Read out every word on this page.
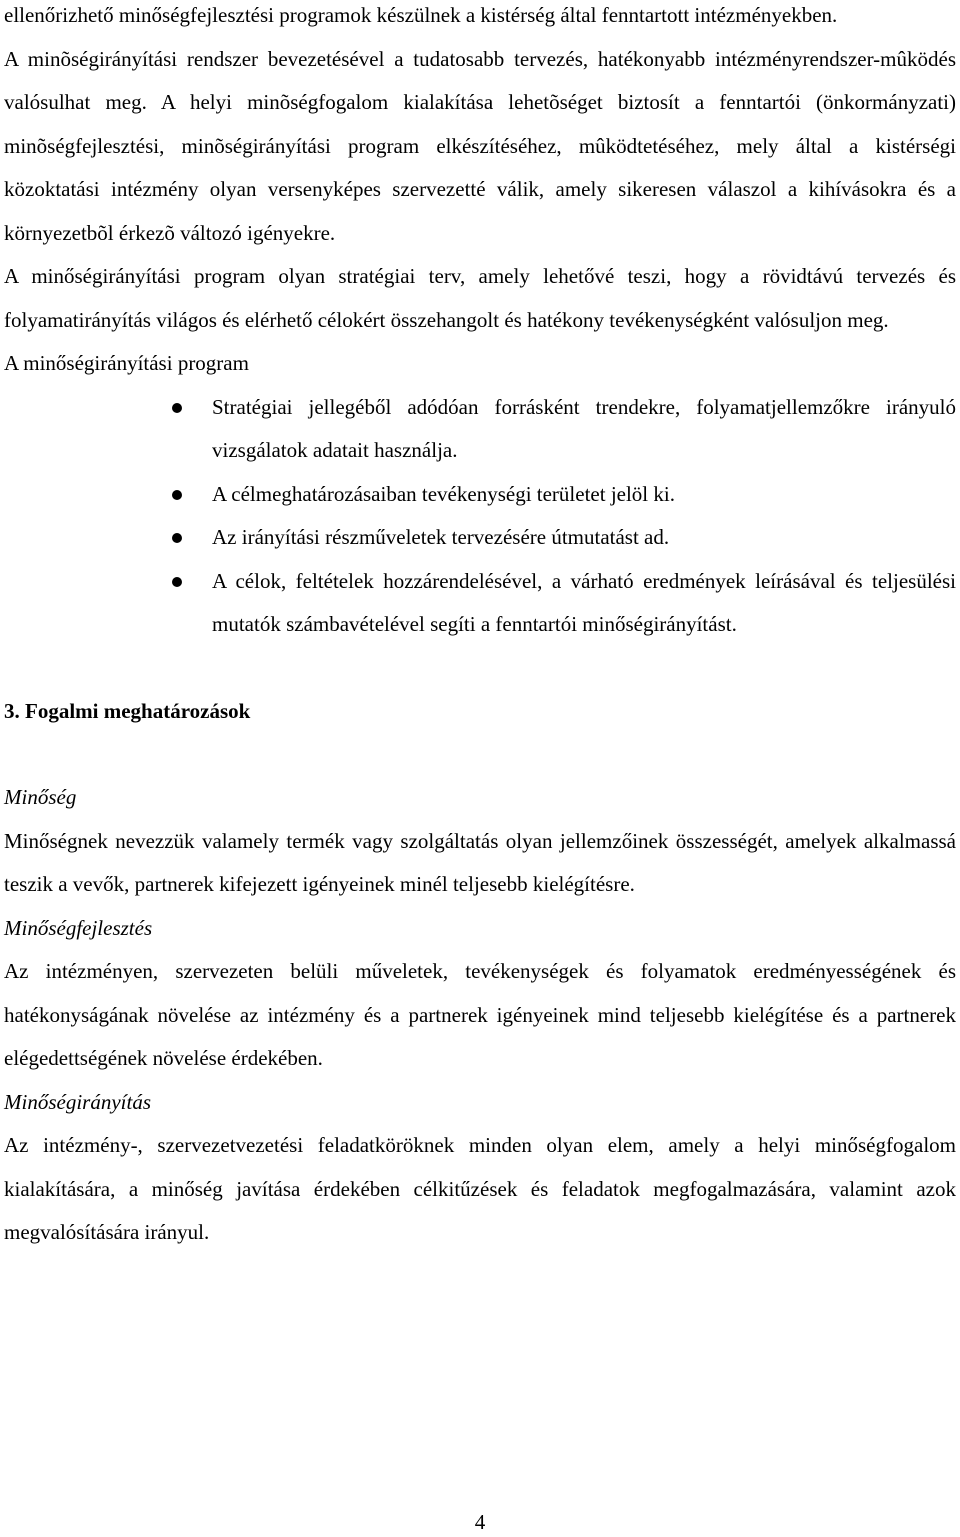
ellenőrizhető minőségfejlesztési programok készülnek a kistérség által fenntartott intézményekben.

A minõségirányítási rendszer bevezetésével a tudatosabb tervezés, hatékonyabb intézményrendszer-mûködés valósulhat meg. A helyi minõségfogalom kialakítása lehetõséget biztosít a fenntartói (önkormányzati) minõségfejlesztési, minõségirányítási program elkészítéséhez, mûködtetéséhez, mely által a kistérségi közoktatási intézmény olyan versenyképes szervezetté válik, amely sikeresen válaszol a kihívásokra és a környezetbõl érkezõ változó igényekre.

A minőségirányítási program olyan stratégiai terv, amely lehetővé teszi, hogy a rövidtávú tervezés és folyamatirányítás világos és elérhető célokért összehangolt és hatékony tevékenységként valósuljon meg.

A minőségirányítási program

Stratégiai jellegéből adódóan forrásként trendekre, folyamatjellemzőkre irányuló vizsgálatok adatait használja.
A célmeghatározásaiban tevékenységi területet jelöl ki.
Az irányítási részműveletek tervezésére útmutatást ad.
A célok, feltételek hozzárendelésével, a várható eredmények leírásával és teljesülési mutatók számbavételével segíti a fenntartói minőségirányítást.
3. Fogalmi meghatározások
Minőség

Minőségnek nevezzük valamely termék vagy szolgáltatás olyan jellemzőinek összességét, amelyek alkalmassá teszik a vevők, partnerek kifejezett igényeinek minél teljesebb kielégítésre.

Minőségfejlesztés

Az intézményen, szervezeten belüli műveletek, tevékenységek és folyamatok eredményességének és hatékonyságának növelése az intézmény és a partnerek igényeinek mind teljesebb kielégítése és a partnerek elégedettségének növelése érdekében.

Minőségirányítás

Az intézmény-, szervezetvezetési feladatköröknek minden olyan elem, amely a helyi minőségfogalom kialakítására, a minőség javítása érdekében célkitűzések és feladatok megfogalmazására, valamint azok megvalósítására irányul.

4
